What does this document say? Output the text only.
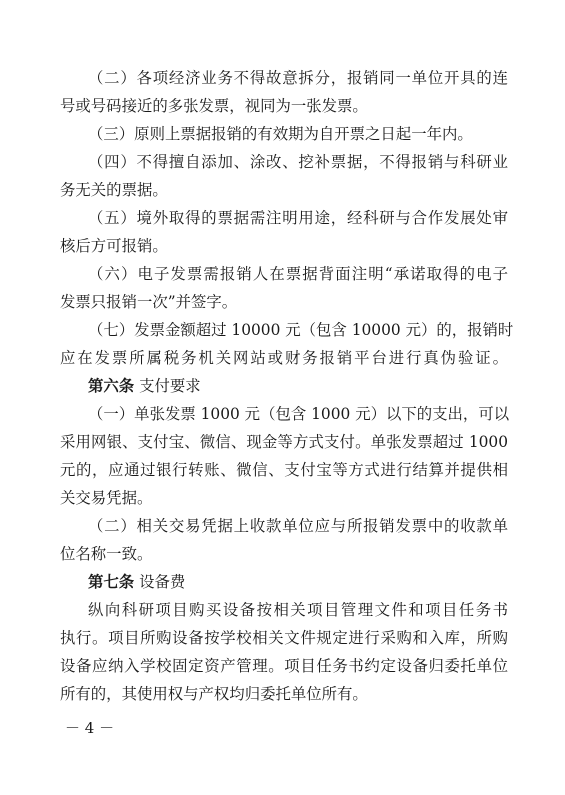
（二）各项经济业务不得故意拆分，报销同一单位开具的连
号或号码接近的多张发票，视同为一张发票。
（三）原则上票据报销的有效期为自开票之日起一年内。
（四）不得擅自添加、涂改、挖补票据，不得报销与科研业
务无关的票据。
（五）境外取得的票据需注明用途，经科研与合作发展处审
核后方可报销。
（六）电子发票需报销人在票据背面注明“承诺取得的电子
发票只报销一次”并签字。
（七）发票金额超过 10000 元（包含 10000 元）的，报销时
应在发票所属税务机关网站或财务报销平台进行真伪验证。
第六条 支付要求
（一）单张发票 1000 元（包含 1000 元）以下的支出，可以
采用网银、支付宝、微信、现金等方式支付。单张发票超过 1000
元的，应通过银行转账、微信、支付宝等方式进行结算并提供相
关交易凭据。
（二）相关交易凭据上收款单位应与所报销发票中的收款单
位名称一致。
第七条 设备费
纵向科研项目购买设备按相关项目管理文件和项目任务书
执行。项目所购设备按学校相关文件规定进行采购和入库，所购
设备应纳入学校固定资产管理。项目任务书约定设备归委托单位
所有的，其使用权与产权均归委托单位所有。
－ 4 －
